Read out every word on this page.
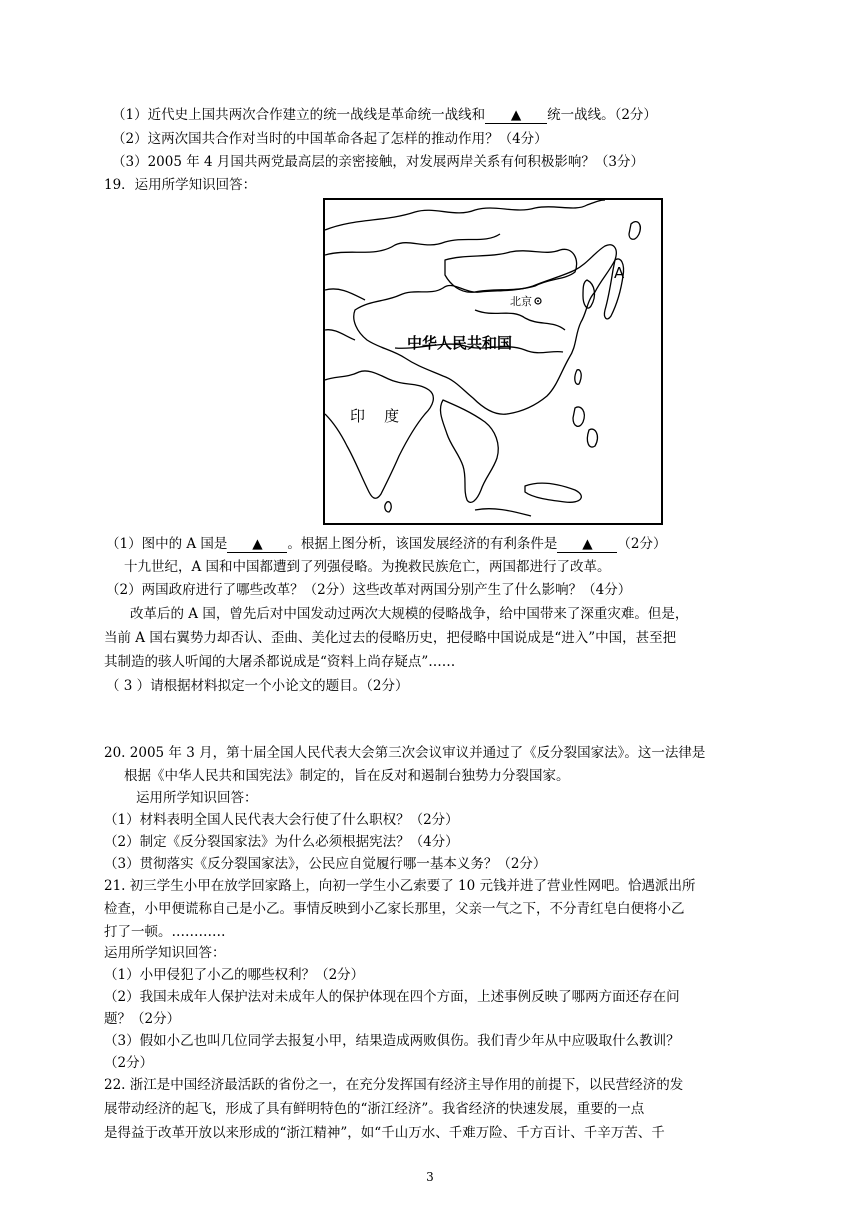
（1）近代史上国共两次合作建立的统一战线是革命统一战线和 ▲ 统一战线。（2分）
（2）这两次国共合作对当时的中国革命各起了怎样的推动作用？（4分）
（3）2005 年 4 月国共两党最高层的亲密接触，对发展两岸关系有何积极影响？（3分）
19．运用所学知识回答：
A
北京
中华人民共和国
印    度
（1）图中的 A 国是 ▲ 。根据上图分析，该国发展经济的有利条件是 ▲ （2分）
十九世纪，A 国和中国都遭到了列强侵略。为挽救民族危亡，两国都进行了改革。
（2）两国政府进行了哪些改革？（2分）这些改革对两国分别产生了什么影响？（4分）
改革后的 A 国，曾先后对中国发动过两次大规模的侵略战争，给中国带来了深重灾难。但是，
当前 A 国右翼势力却否认、歪曲、美化过去的侵略历史，把侵略中国说成是“进入”中国，甚至把
其制造的骇人听闻的大屠杀都说成是“资料上尚存疑点”……
（ 3 ）请根据材料拟定一个小论文的题目。（2分）
20. 2005 年 3 月，第十届全国人民代表大会第三次会议审议并通过了《反分裂国家法》。这一法律是
根据《中华人民共和国宪法》制定的，旨在反对和遏制台独势力分裂国家。
运用所学知识回答：
（1）材料表明全国人民代表大会行使了什么职权？（2分）
（2）制定《反分裂国家法》为什么必须根据宪法？（4分）
（3）贯彻落实《反分裂国家法》，公民应自觉履行哪一基本义务？（2分）
21. 初三学生小甲在放学回家路上，向初一学生小乙索要了 10 元钱并进了营业性网吧。恰遇派出所
检查，小甲便谎称自己是小乙。事情反映到小乙家长那里，父亲一气之下，不分青红皂白便将小乙
打了一顿。…………
运用所学知识回答：
（1）小甲侵犯了小乙的哪些权利？（2分）
（2）我国未成年人保护法对未成年人的保护体现在四个方面，上述事例反映了哪两方面还存在问
题？（2分）
（3）假如小乙也叫几位同学去报复小甲，结果造成两败俱伤。我们青少年从中应吸取什么教训？
（2分）
22. 浙江是中国经济最活跃的省份之一，在充分发挥国有经济主导作用的前提下，以民营经济的发
展带动经济的起飞，形成了具有鲜明特色的“浙江经济”。我省经济的快速发展，重要的一点
是得益于改革开放以来形成的“浙江精神”，如“千山万水、千难万险、千方百计、千辛万苦、千
3
